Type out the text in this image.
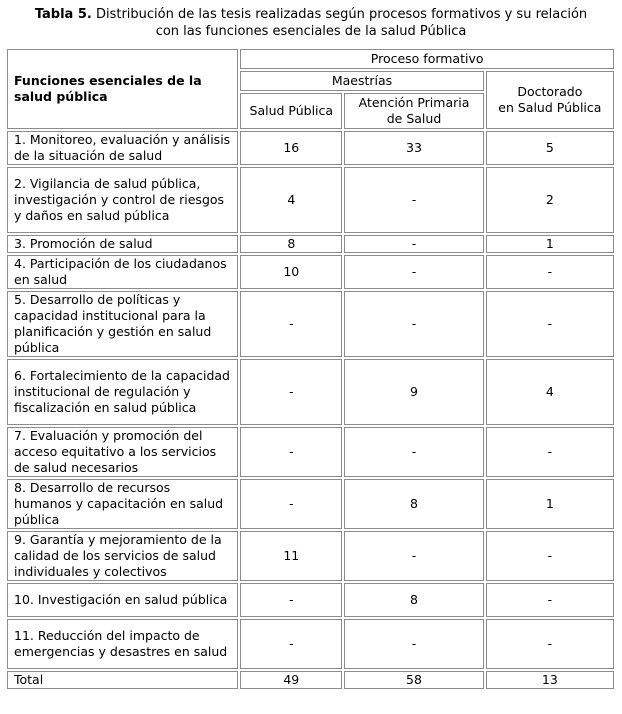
Tabla 5. Distribución de las tesis realizadas según procesos formativos y su relación
con las funciones esenciales de la salud Pública
Funciones esenciales de la salud pública	Proceso formativo		
	Maestrías		Doctorado
en Salud Pública
	Salud Pública	Atención Primaria
de Salud	
1. Monitoreo, evaluación y análisis de la situación de salud	16	33	5
2. Vigilancia de salud pública, investigación y control de riesgos y daños en salud pública	4	-	2
3. Promoción de salud	8	-	1
4. Participación de los ciudadanos en salud	10	-	-
5. Desarrollo de políticas y capacidad institucional para la planificación y gestión en salud pública	-	-	-
6. Fortalecimiento de la capacidad institucional de regulación y fiscalización en salud pública	-	9	4
7. Evaluación y promoción del acceso equitativo a los servicios de salud necesarios	-	-	-
8. Desarrollo de recursos humanos y capacitación en salud pública	-	8	1
9. Garantía y mejoramiento de la calidad de los servicios de salud individuales y colectivos	11	-	-
10. Investigación en salud pública	-	8	-
11. Reducción del impacto de emergencias y desastres en salud	-	-	-
Total	49	58	13
